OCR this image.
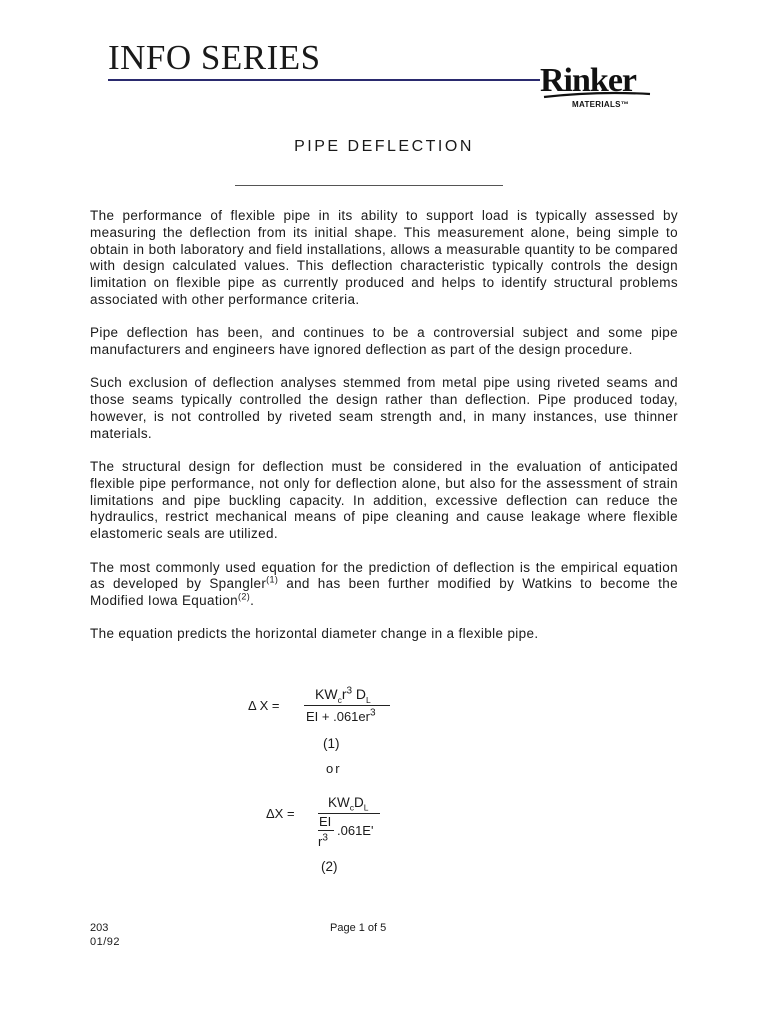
INFO SERIES
Rinker
MATERIALS™
PIPE DEFLECTION

The performance of flexible pipe in its ability to support load is typically assessed by measuring the deflection from its initial shape. This measurement alone, being simple to obtain in both laboratory and field installations, allows a measurable quantity to be compared with design calculated values. This deflection characteristic typically controls the design limitation on flexible pipe as currently produced and helps to identify structural problems associated with other performance criteria.

Pipe deflection has been, and continues to be a controversial subject and some pipe manufacturers and engineers have ignored deflection as part of the design procedure.

Such exclusion of deflection analyses stemmed from metal pipe using riveted seams and those seams typically controlled the design rather than deflection. Pipe produced today, however, is not controlled by riveted seam strength and, in many instances, use thinner materials.

The structural design for deflection must be considered in the evaluation of anticipated flexible pipe performance, not only for deflection alone, but also for the assessment of strain limitations and pipe buckling capacity. In addition, excessive deflection can reduce the hydraulics, restrict mechanical means of pipe cleaning and cause leakage where flexible elastomeric seals are utilized.

The most commonly used equation for the prediction of deflection is the empirical equation as developed by Spangler$^{(1)}$ and has been further modified by Watkins to become the Modified Iowa Equation$^{(2)}$.

The equation predicts the horizontal diameter change in a flexible pipe.

Δ X =
$KW_cr^3$ $D_L$
EI + $.061er^3$
(1)
or
ΔX =
$KW_cD_L$
EI
$r^3$
.061E'
(2)
203
01/92
Page 1 of 5
